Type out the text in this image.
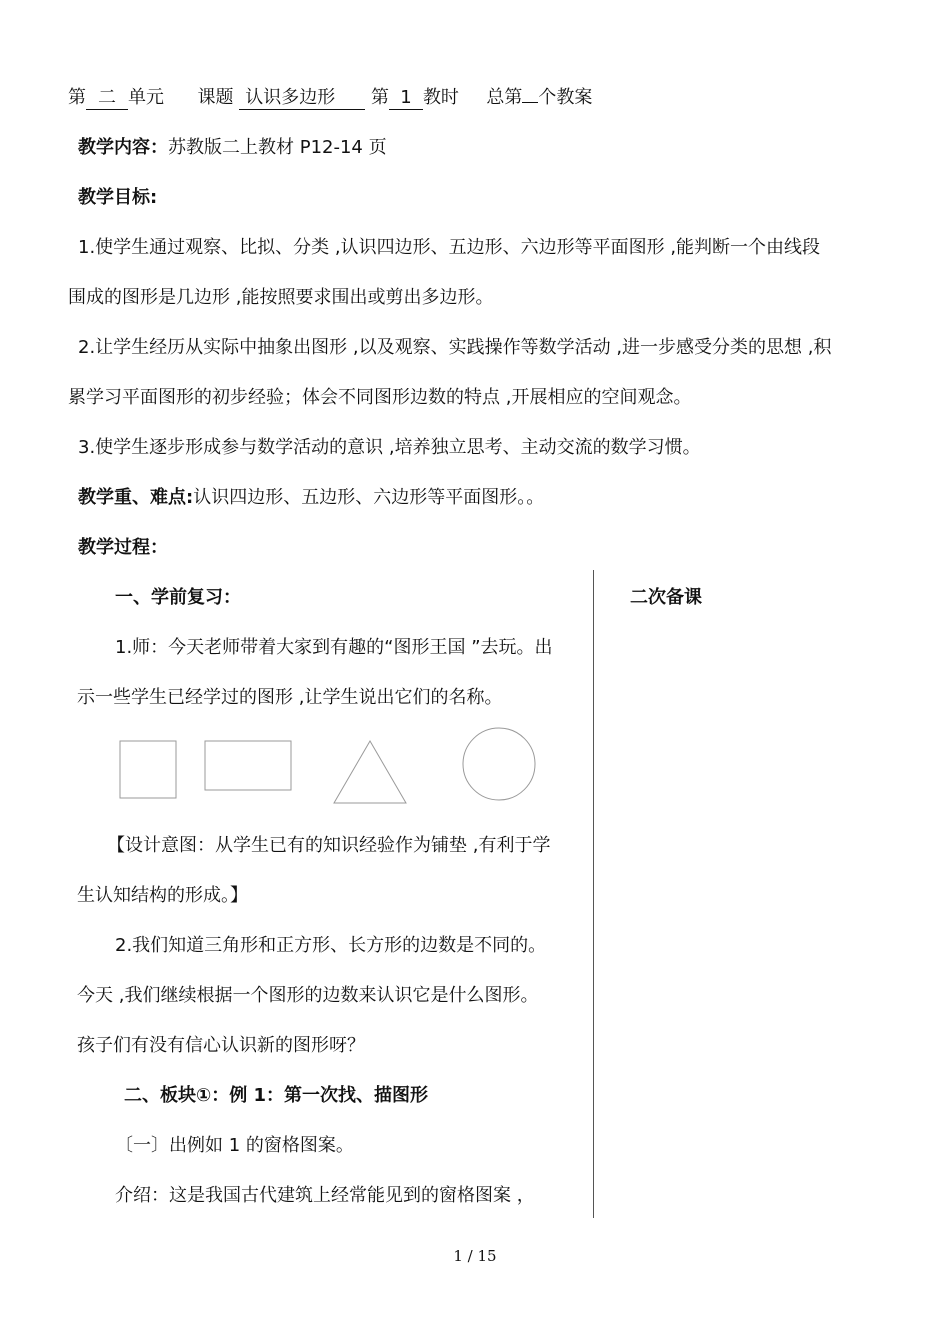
第 二 单元 课题 认识多边形 第 1 教时 总第 个教案
教学内容：苏教版二上教材 P12-14 页
教学目标:
1.使学生通过观察、比拟、分类 ,认识四边形、五边形、六边形等平面图形 ,能判断一个由线段
围成的图形是几边形 ,能按照要求围出或剪出多边形。
2.让学生经历从实际中抽象出图形 ,以及观察、实践操作等数学活动 ,进一步感受分类的思想 ,积
累学习平面图形的初步经验；体会不同图形边数的特点 ,开展相应的空间观念。
3.使学生逐步形成参与数学活动的意识 ,培养独立思考、主动交流的数学习惯。
教学重、难点:认识四边形、五边形、六边形等平面图形。。
教学过程：
二次备课
一、学前复习：
1.师：今天老师带着大家到有趣的“图形王国 ”去玩。出
示一些学生已经学过的图形 ,让学生说出它们的名称。
【设计意图：从学生已有的知识经验作为铺垫 ,有利于学
生认知结构的形成。】
2.我们知道三角形和正方形、长方形的边数是不同的。
今天 ,我们继续根据一个图形的边数来认识它是什么图形。
孩子们有没有信心认识新的图形呀？
二、板块①：例 1：第一次找、描图形
〔一〕出例如 1 的窗格图案。
介绍：这是我国古代建筑上经常能见到的窗格图案 ，
1 / 15
